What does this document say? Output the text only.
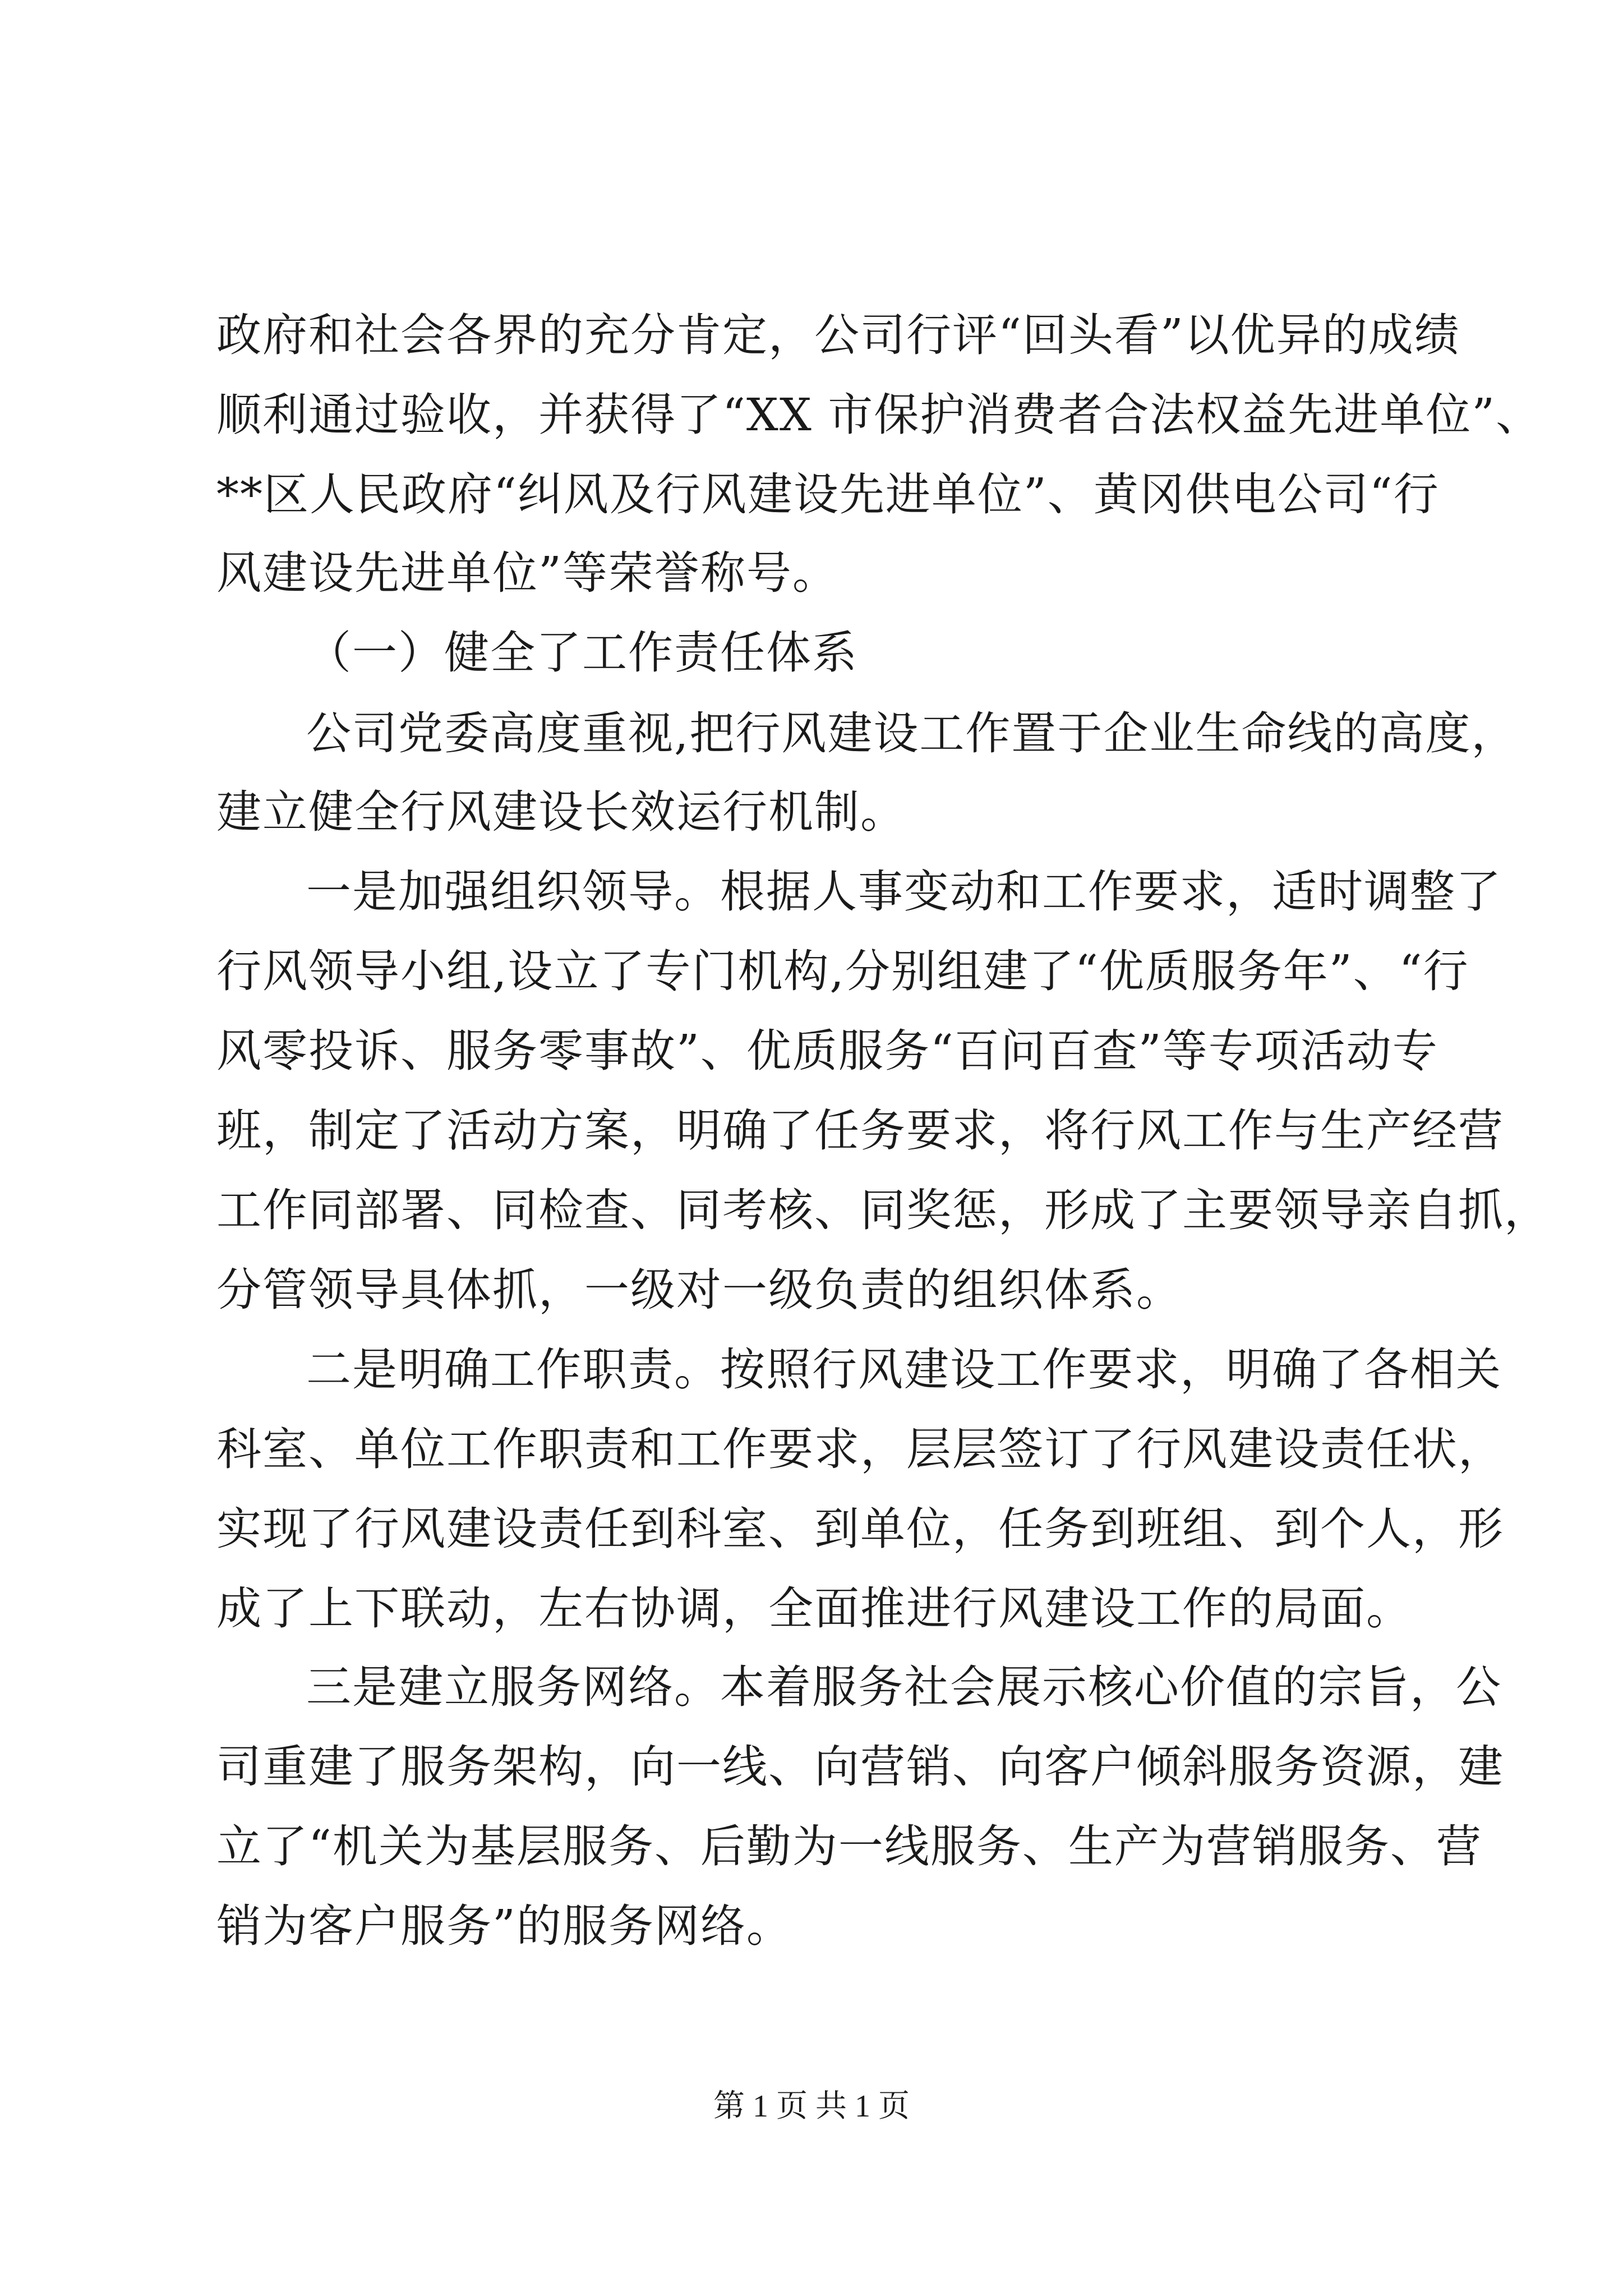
政府和社会各界的充分肯定，公司行评“回头看”以优异的成绩
顺利通过验收，并获得了“XX 市保护消费者合法权益先进单位”、
**区人民政府“纠风及行风建设先进单位”、黄冈供电公司“行
风建设先进单位”等荣誉称号。
（一）健全了工作责任体系
公司党委高度重视,把行风建设工作置于企业生命线的高度，
建立健全行风建设长效运行机制。
一是加强组织领导。根据人事变动和工作要求，适时调整了
行风领导小组,设立了专门机构,分别组建了“优质服务年”、“行
风零投诉、服务零事故”、优质服务“百问百查”等专项活动专
班，制定了活动方案，明确了任务要求，将行风工作与生产经营
工作同部署、同检查、同考核、同奖惩，形成了主要领导亲自抓，
分管领导具体抓，一级对一级负责的组织体系。
二是明确工作职责。按照行风建设工作要求，明确了各相关
科室、单位工作职责和工作要求，层层签订了行风建设责任状，
实现了行风建设责任到科室、到单位，任务到班组、到个人，形
成了上下联动，左右协调，全面推进行风建设工作的局面。
三是建立服务网络。本着服务社会展示核心价值的宗旨，公
司重建了服务架构，向一线、向营销、向客户倾斜服务资源，建
立了“机关为基层服务、后勤为一线服务、生产为营销服务、营
销为客户服务”的服务网络。
第 1 页 共 1 页
